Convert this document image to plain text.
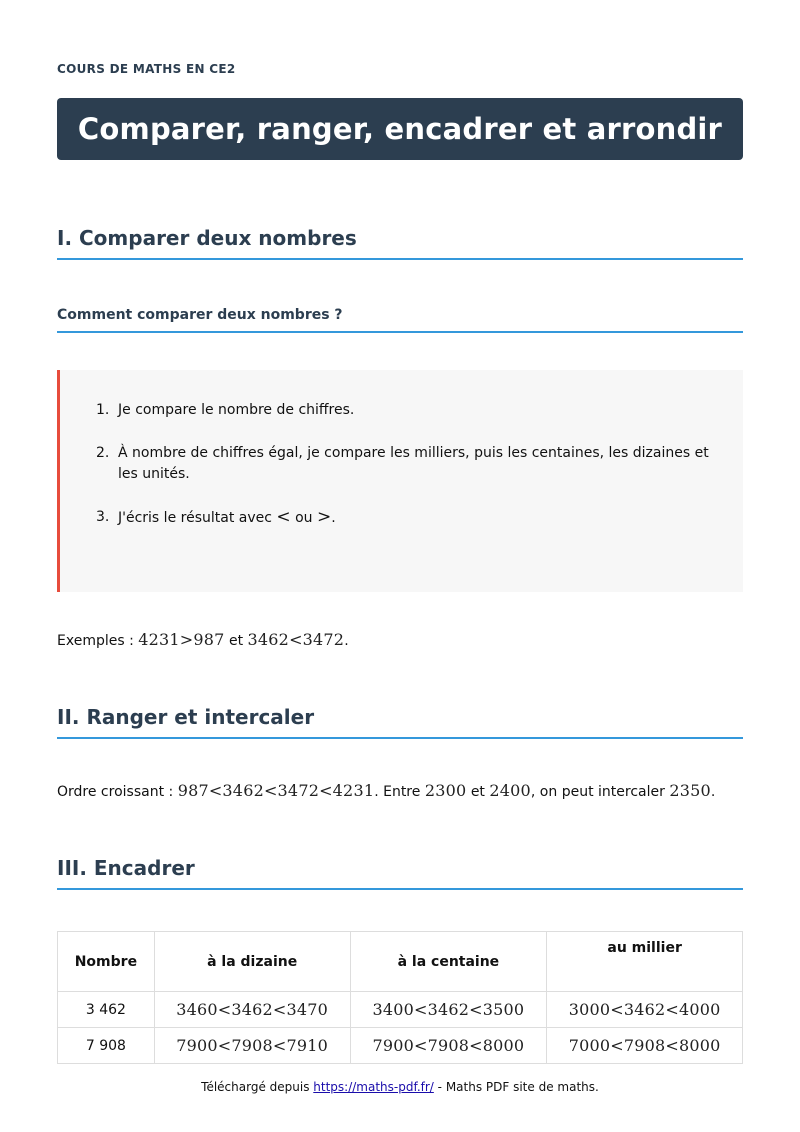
COURS DE MATHS EN CE2
Comparer, ranger, encadrer et arrondir
I. Comparer deux nombres
Comment comparer deux nombres ?
1. Je compare le nombre de chiffres.
2. À nombre de chiffres égal, je compare les milliers, puis les centaines, les dizaines et les unités.
3. J'écris le résultat avec < ou >.
Exemples : 4231>987 et 3462<3472.
II. Ranger et intercaler
Ordre croissant : 987<3462<3472<4231. Entre 2300 et 2400, on peut intercaler 2350.
III. Encadrer
Nombre	à la dizaine	à la centaine	au millier
3 462	3460<3462<3470	3400<3462<3500	3000<3462<4000
7 908	7900<7908<7910	7900<7908<8000	7000<7908<8000
Téléchargé depuis https://maths-pdf.fr/ - Maths PDF site de maths.
